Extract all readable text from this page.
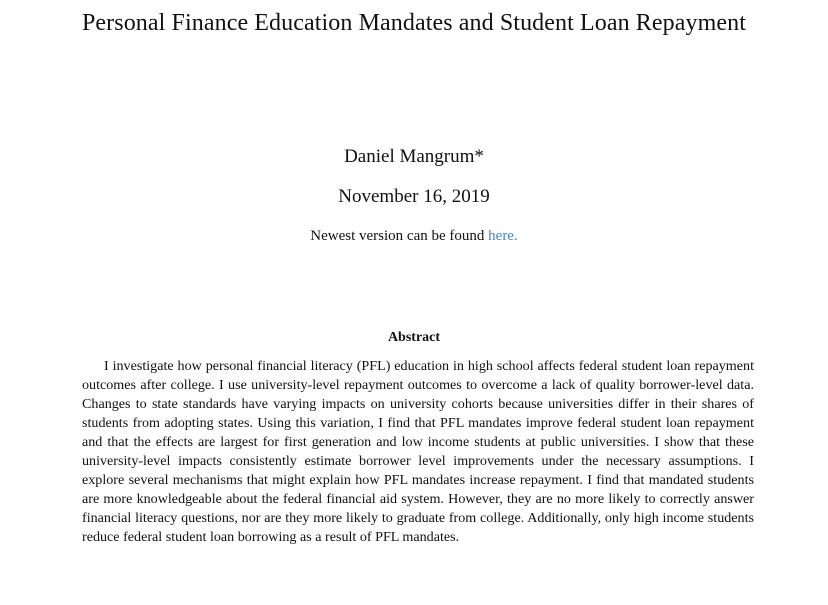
Personal Finance Education Mandates and Student Loan Repayment
Daniel Mangrum*
November 16, 2019
Newest version can be found here.
Abstract

I investigate how personal financial literacy (PFL) education in high school affects federal student loan repayment outcomes after college. I use university-level repayment outcomes to overcome a lack of quality borrower-level data. Changes to state standards have varying impacts on university cohorts because universities differ in their shares of students from adopting states. Using this variation, I find that PFL mandates improve federal student loan repayment and that the effects are largest for first generation and low income students at public universities. I show that these university-level impacts consistently estimate borrower level improvements under the necessary assumptions. I explore several mechanisms that might explain how PFL mandates increase repayment. I find that mandated students are more knowledgeable about the federal financial aid system. However, they are no more likely to correctly answer financial literacy questions, nor are they more likely to graduate from college. Additionally, only high income students reduce federal student loan borrowing as a result of PFL mandates.
